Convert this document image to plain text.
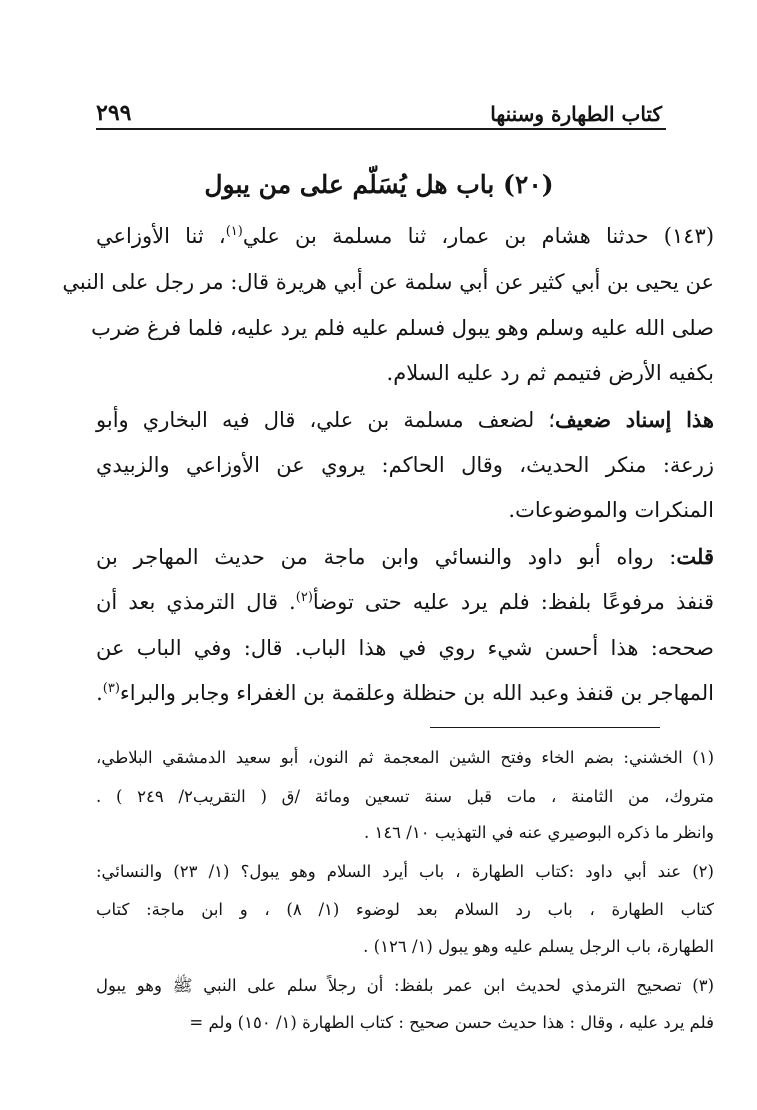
٢٩٩	كتاب الطهارة وسننها
(٢٠) باب هل يُسَلّم على من يبول
(١٤٣) حدثنا هشام بن عمار، ثنا مسلمة بن علي$^{(١)}$، ثنا الأوزاعي
عن يحيى بن أبي كثير عن أبي سلمة عن أبي هريرة قال: مر رجل على النبي
صلى الله عليه وسلم وهو يبول فسلم عليه فلم يرد عليه، فلما فرغ ضرب
بكفيه الأرض فتيمم ثم رد عليه السلام.
هذا إسناد ضعيف؛ لضعف مسلمة بن علي، قال فيه البخاري وأبو
زرعة: منكر الحديث، وقال الحاكم: يروي عن الأوزاعي والزبيدي
المنكرات والموضوعات.
قلت: رواه أبو داود والنسائي وابن ماجة من حديث المهاجر بن
قنفذ مرفوعًا بلفظ: فلم يرد عليه حتى توضأ$^{(٢)}$. قال الترمذي بعد أن
صححه: هذا أحسن شيء روي في هذا الباب. قال: وفي الباب عن
المهاجر بن قنفذ وعبد الله بن حنظلة وعلقمة بن الغفراء وجابر والبراء$^{(٣)}$.
(١) الخشني: بضم الخاء وفتح الشين المعجمة ثم النون، أبو سعيد الدمشقي البلاطي،
متروك، من الثامنة ، مات قبل سنة تسعين ومائة /ق ( التقريب٢/ ٢٤٩ ) .
وانظر ما ذكره البوصيري عنه في التهذيب ١٠/ ١٤٦ .
(٢) عند أبي داود :كتاب الطهارة ، باب أيرد السلام وهو يبول؟ (١/ ٢٣) والنسائي:
كتاب الطهارة ، باب رد السلام بعد لوضوء (١/ ٨) ، و ابن ماجة: كتاب
الطهارة، باب الرجل يسلم عليه وهو يبول (١/ ١٢٦) .
(٣) تصحيح الترمذي لحديث ابن عمر بلفظ: أن رجلاً سلم على النبي ﷺ وهو يبول
فلم يرد عليه ، وقال : هذا حديث حسن صحيح : كتاب الطهارة (١/ ١٥٠) ولم =
